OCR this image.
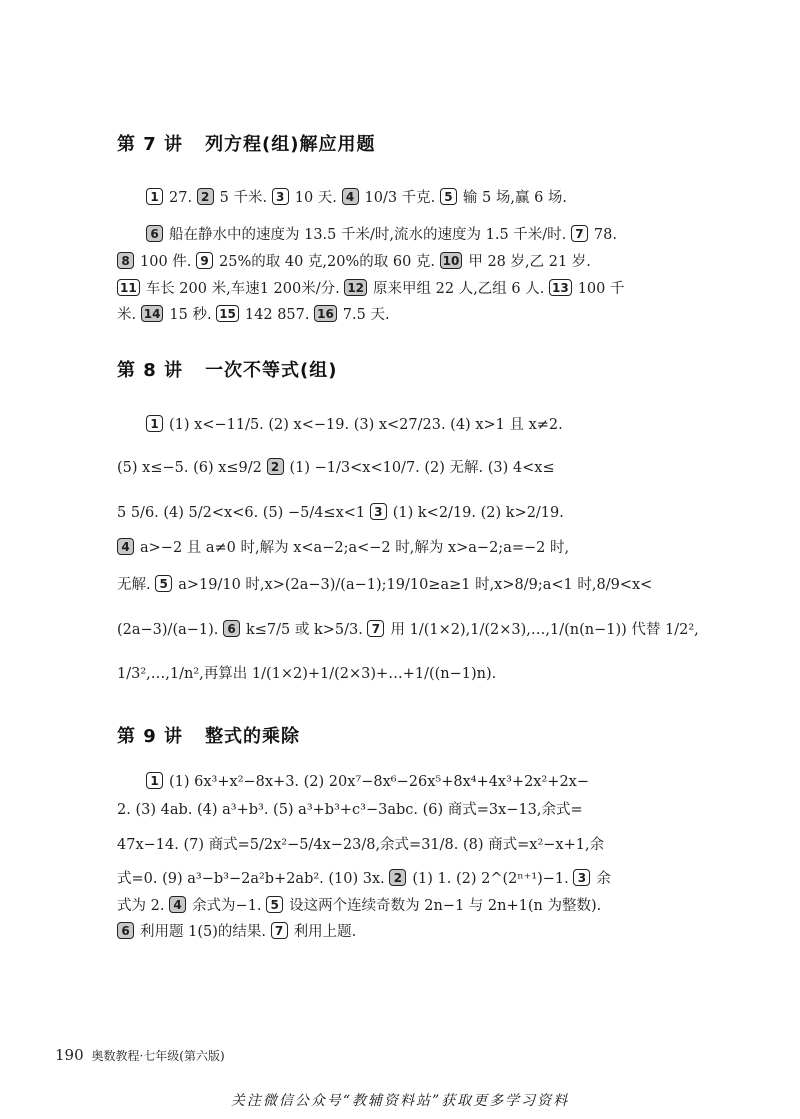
第 7 讲 列方程(组)解应用题
1 27. 2 5 千米. 3 10 天. 4 10/3 千克. 5 输 5 场,赢 6 场.
6 船在静水中的速度为 13.5 千米/时,流水的速度为 1.5 千米/时. 7 78.
8 100 件. 9 25%的取 40 克,20%的取 60 克. 10 甲 28 岁,乙 21 岁.
11 车长 200 米,车速1 200米/分. 12 原来甲组 22 人,乙组 6 人. 13 100 千
米. 14 15 秒. 15 142 857. 16 7.5 天.
第 8 讲 一次不等式(组)
1 (1) x<−11/5. (2) x<−19. (3) x<27/23. (4) x>1 且 x≠2.
(5) x≤−5. (6) x≤9/2 2 (1) −1/3<x<10/7. (2) 无解. (3) 4<x≤
5 5/6. (4) 5/2<x<6. (5) −5/4≤x<1 3 (1) k<2/19. (2) k>2/19.
4 a>−2 且 a≠0 时,解为 x<a−2;a<−2 时,解为 x>a−2;a=−2 时,
无解. 5 a>19/10 时,x>(2a−3)/(a−1);19/10≥a≥1 时,x>8/9;a<1 时,8/9<x<
(2a−3)/(a−1). 6 k≤7/5 或 k>5/3. 7 用 1/(1×2),1/(2×3),…,1/(n(n−1)) 代替 1/2²,
1/3²,…,1/n²,再算出 1/(1×2)+1/(2×3)+…+1/((n−1)n).
第 9 讲 整式的乘除
1 (1) 6x³+x²−8x+3. (2) 20x⁷−8x⁶−26x⁵+8x⁴+4x³+2x²+2x−
2. (3) 4ab. (4) a³+b³. (5) a³+b³+c³−3abc. (6) 商式=3x−13,余式=
47x−14. (7) 商式=5/2x²−5/4x−23/8,余式=31/8. (8) 商式=x²−x+1,余
式=0. (9) a³−b³−2a²b+2ab². (10) 3x. 2 (1) 1. (2) 2^(2ⁿ⁺¹)−1. 3 余
式为 2. 4 余式为−1. 5 设这两个连续奇数为 2n−1 与 2n+1(n 为整数).
6 利用题 1(5)的结果. 7 利用上题.
190 奥数教程·七年级(第六版)
关注微信公众号“教辅资料站”获取更多学习资料
